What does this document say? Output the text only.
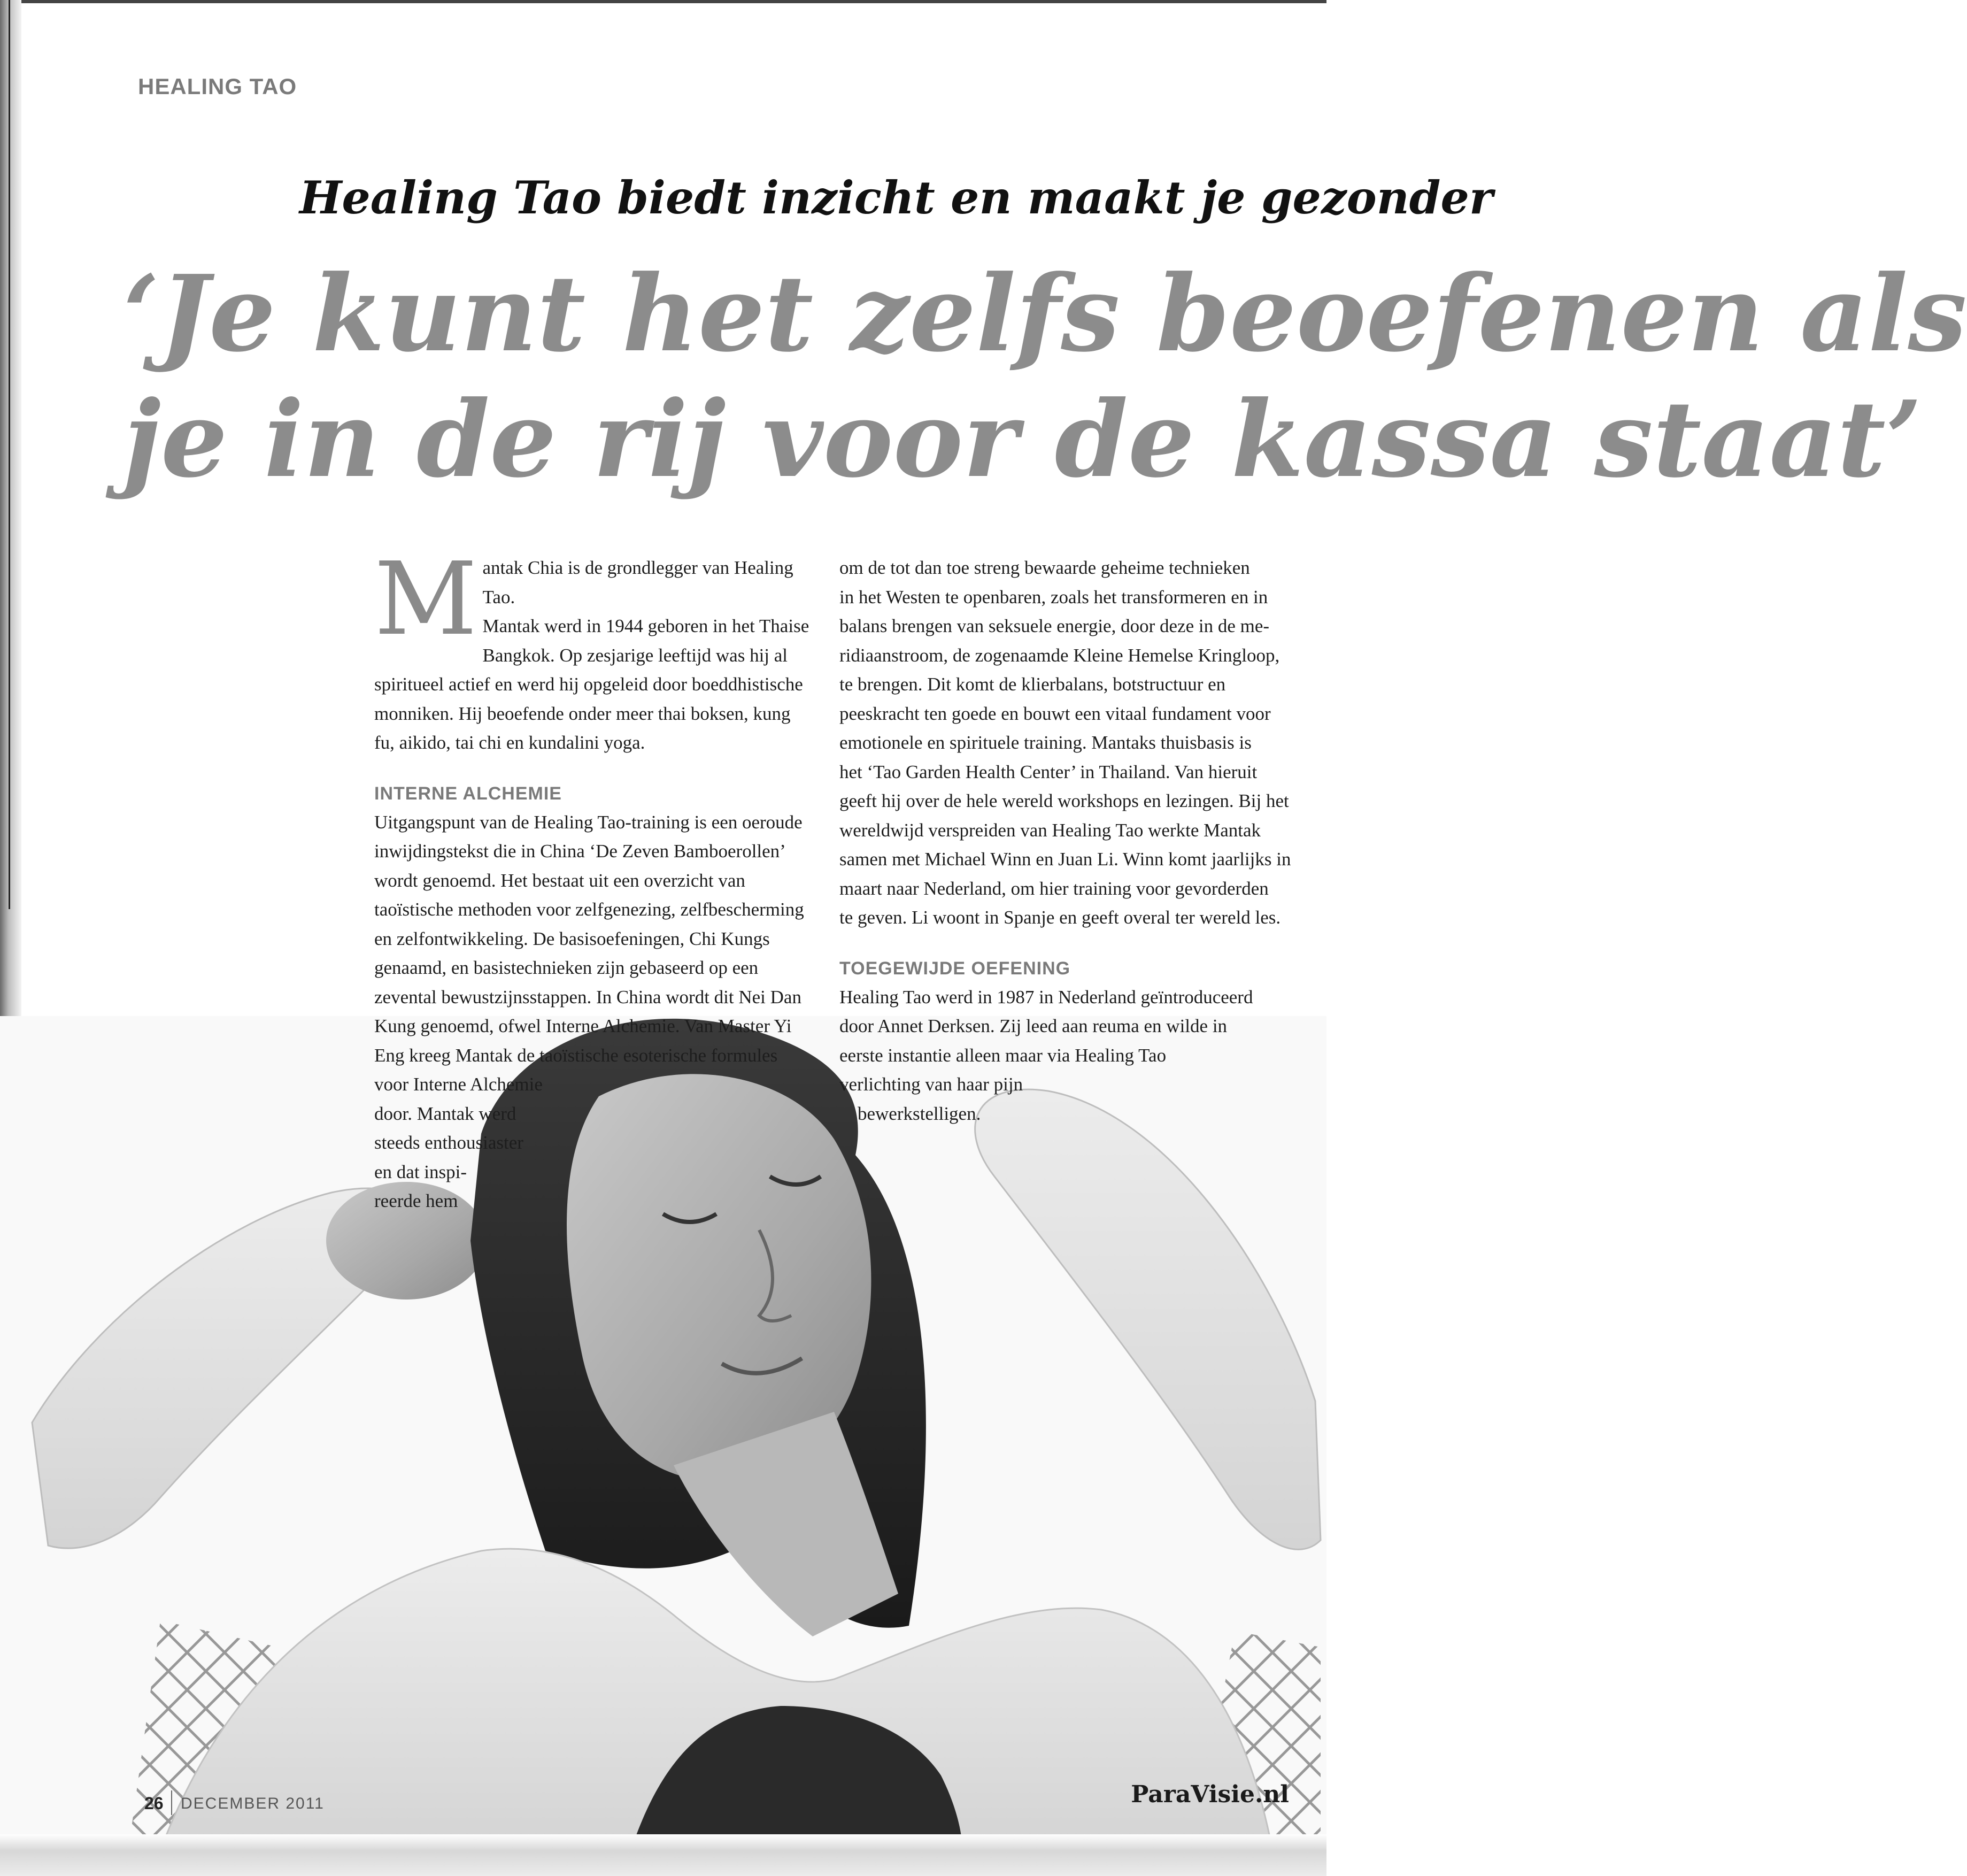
HEALING TAO

Healing Tao biedt inzicht en maakt je gezonder
‘Je kunt het zelfs beoefenen als
je in de rij voor de kassa staat’
M antak Chia is de grondlegger van Healing Tao.
Mantak werd in 1944 geboren in het Thaise
Bangkok. Op zesjarige leeftijd was hij al
spiritueel actief en werd hij opgeleid door boeddhistische
monniken. Hij beoefende onder meer thai boksen, kung
fu, aikido, tai chi en kundalini yoga.

INTERNE ALCHEMIE

Uitgangspunt van de Healing Tao-training is een oeroude
inwijdingstekst die in China ‘De Zeven Bamboerollen’
wordt genoemd. Het bestaat uit een overzicht van
taoïstische methoden voor zelfgenezing, zelfbescherming
en zelfontwikkeling. De basisoefeningen, Chi Kungs
genaamd, en basistechnieken zijn gebaseerd op een
zevental bewustzijnsstappen. In China wordt dit Nei Dan
Kung genoemd, ofwel Interne Alchemie. Van Master Yi
Eng kreeg Mantak de taoïstische esoterische formules
voor Interne Alchemie
door. Mantak werd
steeds enthousiaster
en dat inspi-
reerde hem

om de tot dan toe streng bewaarde geheime technieken
in het Westen te openbaren, zoals het transformeren en in
balans brengen van seksuele energie, door deze in de me-
ridiaanstroom, de zogenaamde Kleine Hemelse Kringloop,
te brengen. Dit komt de klierbalans, botstructuur en
peeskracht ten goede en bouwt een vitaal fundament voor
emotionele en spirituele training. Mantaks thuisbasis is
het ‘Tao Garden Health Center’ in Thailand. Van hieruit
geeft hij over de hele wereld workshops en lezingen. Bij het
wereldwijd verspreiden van Healing Tao werkte Mantak
samen met Michael Winn en Juan Li. Winn komt jaarlijks in
maart naar Nederland, om hier training voor gevorderden
te geven. Li woont in Spanje en geeft overal ter wereld les.

TOEGEWIJDE OEFENING

Healing Tao werd in 1987 in Nederland geïntroduceerd
door Annet Derksen. Zij leed aan reuma en wilde in
eerste instantie alleen maar via Healing Tao
verlichting van haar pijn
bewerkstelligen.

26 DECEMBER 2011	ParaVisie.nl
